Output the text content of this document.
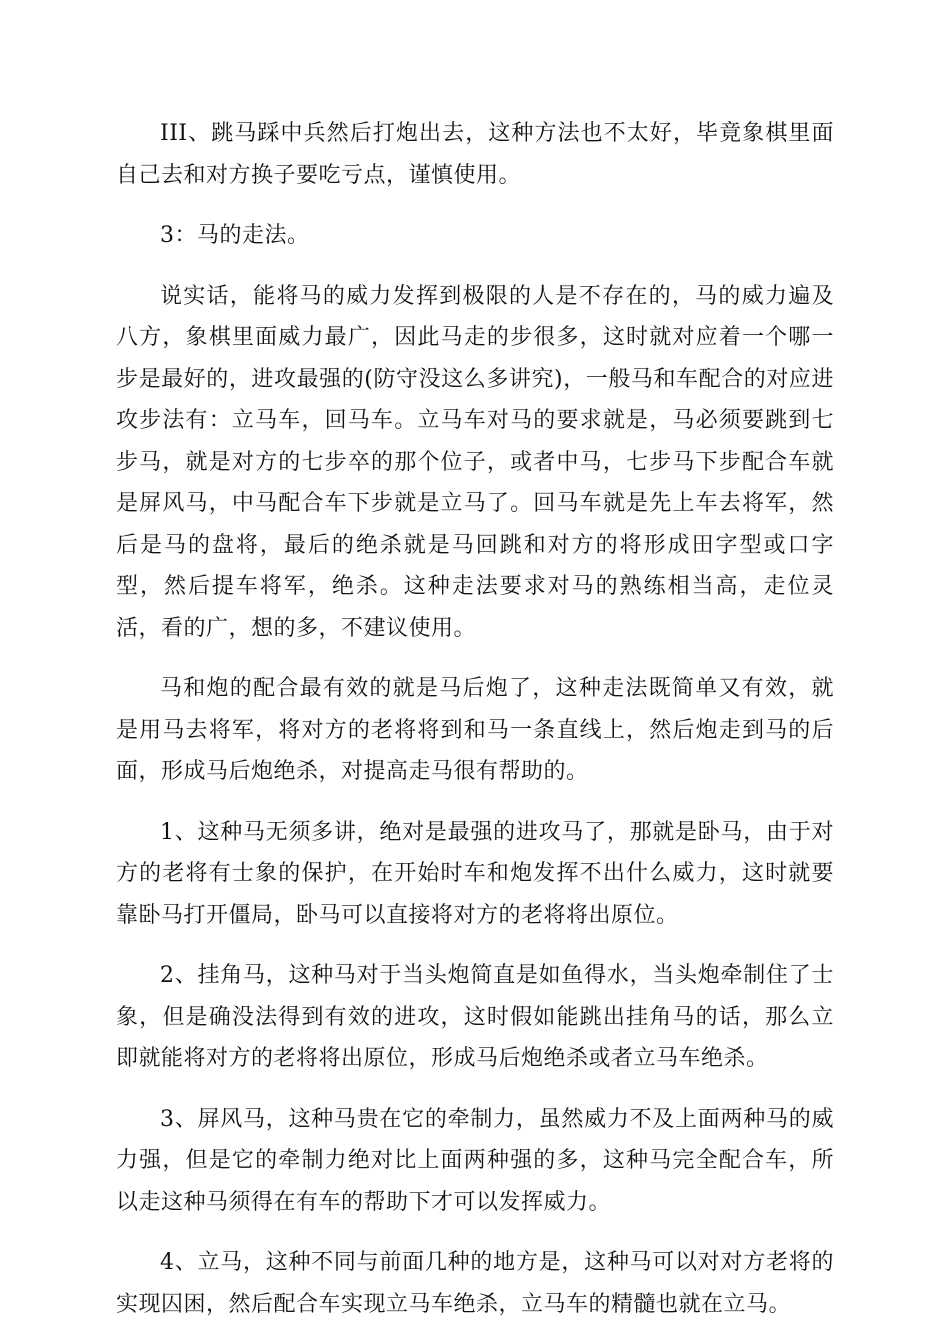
III、跳马踩中兵然后打炮出去，这种方法也不太好，毕竟象棋里面自己去和对方换子要吃亏点，谨慎使用。

3：马的走法。

说实话，能将马的威力发挥到极限的人是不存在的，马的威力遍及八方，象棋里面威力最广，因此马走的步很多，这时就对应着一个哪一步是最好的，进攻最强的(防守没这么多讲究)，一般马和车配合的对应进攻步法有：立马车，回马车。立马车对马的要求就是，马必须要跳到七步马，就是对方的七步卒的那个位子，或者中马，七步马下步配合车就是屏风马，中马配合车下步就是立马了。回马车就是先上车去将军，然后是马的盘将，最后的绝杀就是马回跳和对方的将形成田字型或口字型，然后提车将军，绝杀。这种走法要求对马的熟练相当高，走位灵活，看的广，想的多，不建议使用。

马和炮的配合最有效的就是马后炮了，这种走法既简单又有效，就是用马去将军，将对方的老将将到和马一条直线上，然后炮走到马的后面，形成马后炮绝杀，对提高走马很有帮助的。

1、这种马无须多讲，绝对是最强的进攻马了，那就是卧马，由于对方的老将有士象的保护，在开始时车和炮发挥不出什么威力，这时就要靠卧马打开僵局，卧马可以直接将对方的老将将出原位。

2、挂角马，这种马对于当头炮简直是如鱼得水，当头炮牵制住了士象，但是确没法得到有效的进攻，这时假如能跳出挂角马的话，那么立即就能将对方的老将将出原位，形成马后炮绝杀或者立马车绝杀。

3、屏风马，这种马贵在它的牵制力，虽然威力不及上面两种马的威力强，但是它的牵制力绝对比上面两种强的多，这种马完全配合车，所以走这种马须得在有车的帮助下才可以发挥威力。

4、立马，这种不同与前面几种的地方是，这种马可以对对方老将的实现囚困，然后配合车实现立马车绝杀，立马车的精髓也就在立马。
